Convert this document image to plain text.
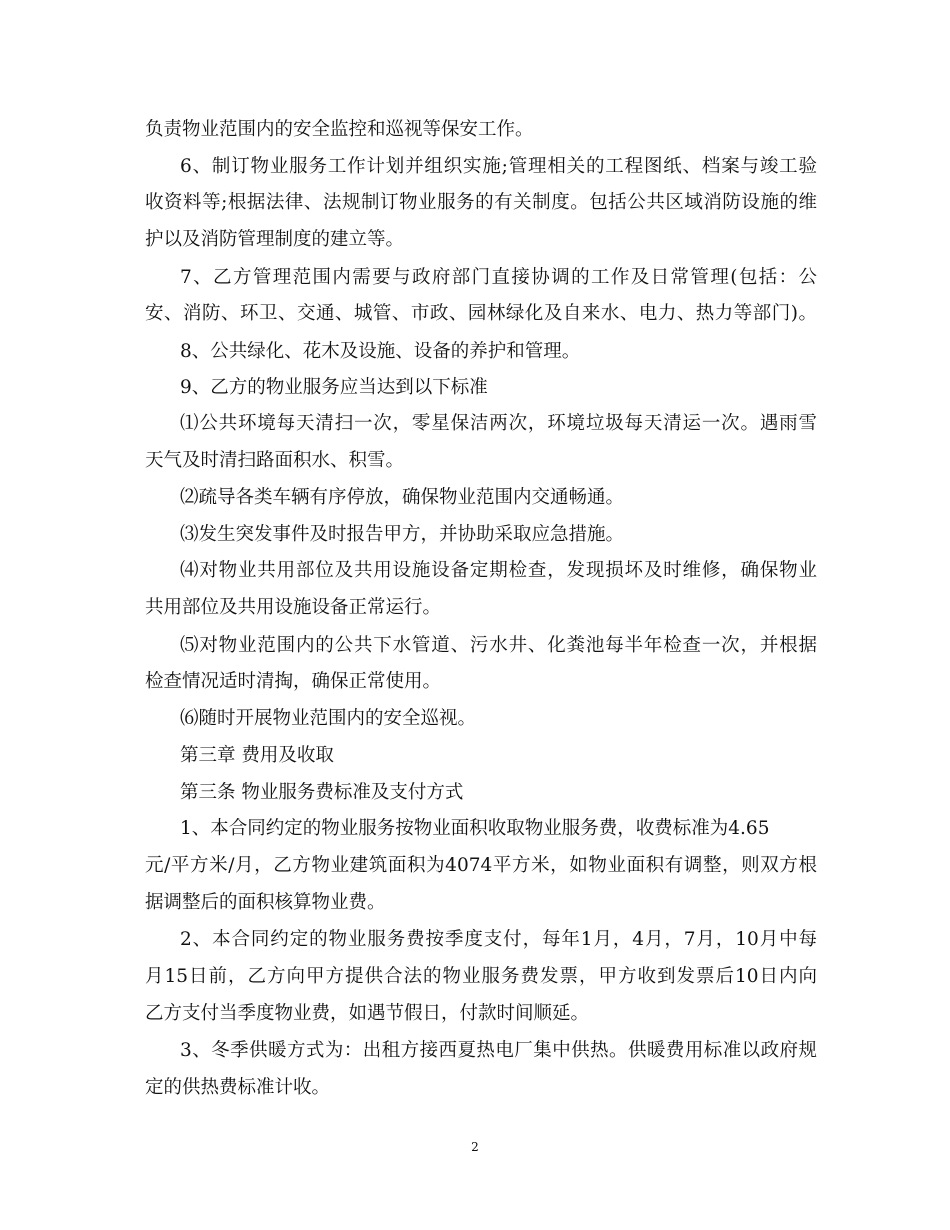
负责物业范围内的安全监控和巡视等保安工作。
6、制订物业服务工作计划并组织实施;管理相关的工程图纸、档案与竣工验
收资料等;根据法律、法规制订物业服务的有关制度。包括公共区域消防设施的维
护以及消防管理制度的建立等。
7、乙方管理范围内需要与政府部门直接协调的工作及日常管理(包括：公
安、消防、环卫、交通、城管、市政、园林绿化及自来水、电力、热力等部门)。
8、公共绿化、花木及设施、设备的养护和管理。
9、乙方的物业服务应当达到以下标准
⑴公共环境每天清扫一次，零星保洁两次，环境垃圾每天清运一次。遇雨雪
天气及时清扫路面积水、积雪。
⑵疏导各类车辆有序停放，确保物业范围内交通畅通。
⑶发生突发事件及时报告甲方，并协助采取应急措施。
⑷对物业共用部位及共用设施设备定期检查，发现损坏及时维修，确保物业
共用部位及共用设施设备正常运行。
⑸对物业范围内的公共下水管道、污水井、化粪池每半年检查一次，并根据
检查情况适时清掏，确保正常使用。
⑹随时开展物业范围内的安全巡视。
第三章 费用及收取
第三条 物业服务费标准及支付方式
1、本合同约定的物业服务按物业面积收取物业服务费，收费标准为4.65
元/平方米/月，乙方物业建筑面积为4074平方米，如物业面积有调整，则双方根
据调整后的面积核算物业费。
2、本合同约定的物业服务费按季度支付，每年1月，4月，7月，10月中每
月15日前，乙方向甲方提供合法的物业服务费发票，甲方收到发票后10日内向
乙方支付当季度物业费，如遇节假日，付款时间顺延。
3、冬季供暖方式为：出租方接西夏热电厂集中供热。供暖费用标准以政府规
定的供热费标准计收。
2
